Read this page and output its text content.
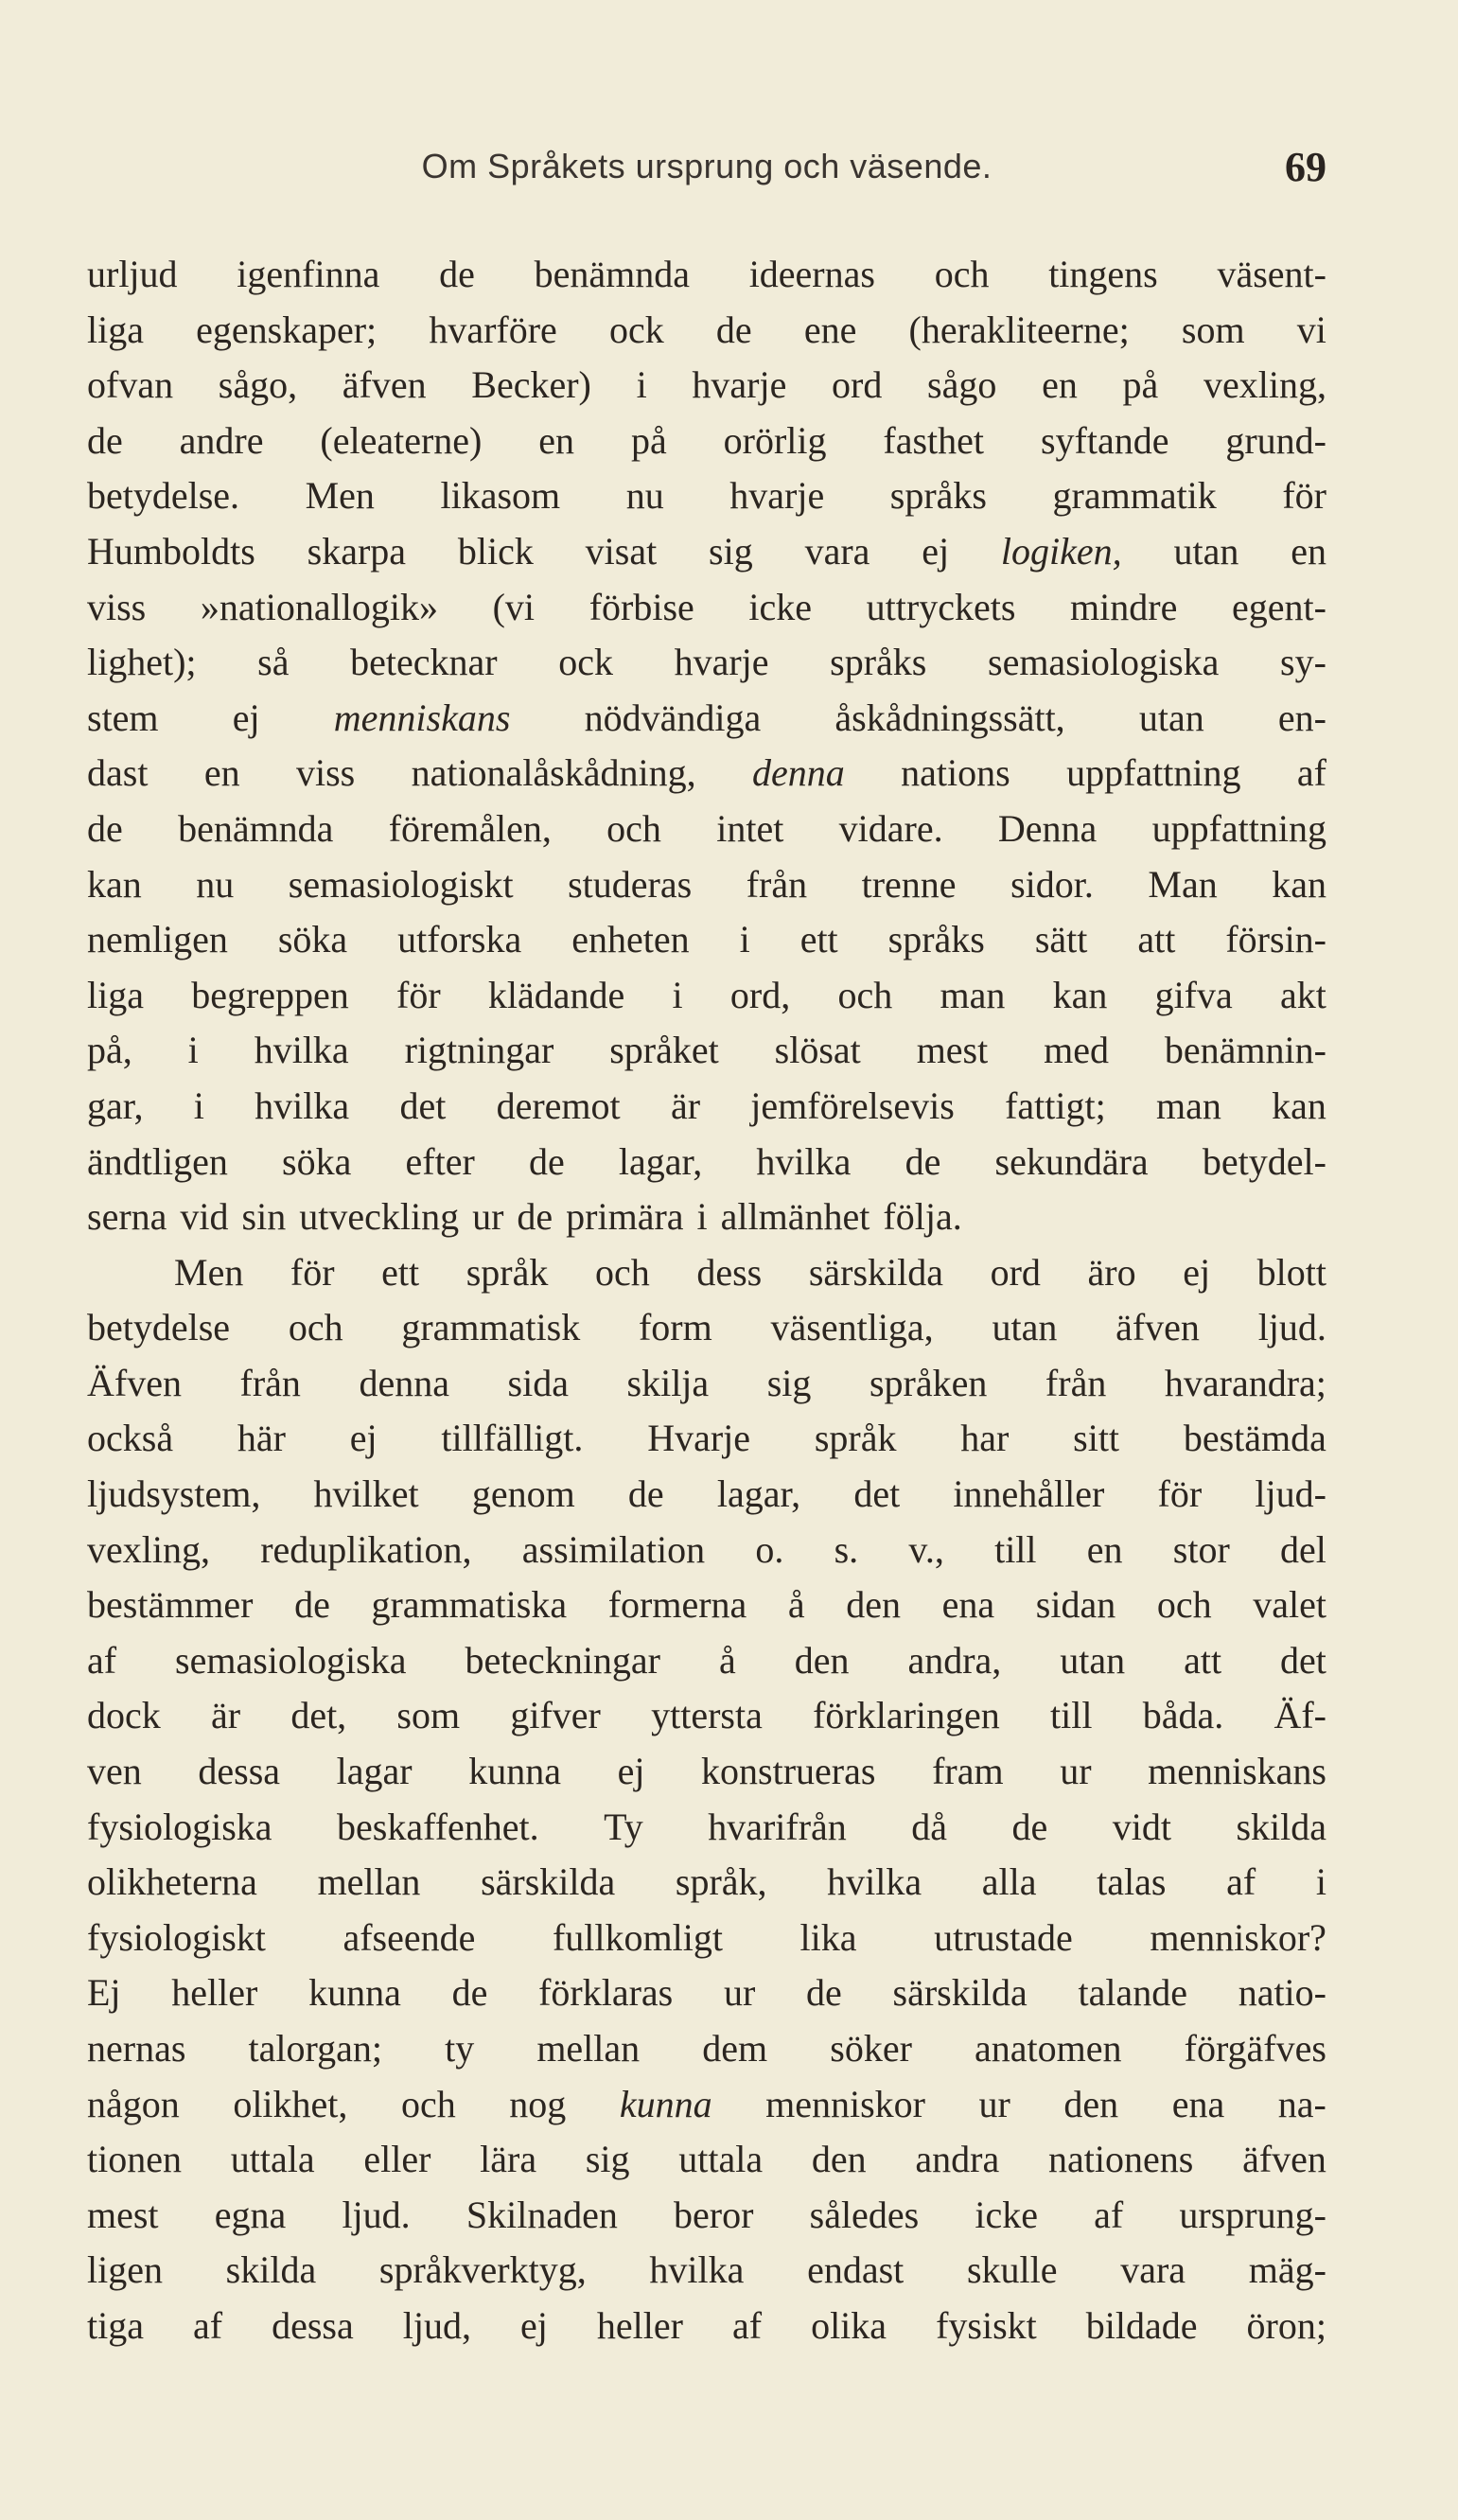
Om Språkets ursprung och väsende.	69
urljud igenfinna de benämnda ideernas och tingens väsent-
liga egenskaper; hvarföre ock de ene (herakliteerne; som vi
ofvan sågo, äfven Becker) i hvarje ord sågo en på vexling,
de andre (eleaterne) en på orörlig fasthet syftande grund-
betydelse. Men likasom nu hvarje språks grammatik för
Humboldts skarpa blick visat sig vara ej logiken, utan en
viss »nationallogik» (vi förbise icke uttryckets mindre egent-
lighet); så betecknar ock hvarje språks semasiologiska sy-
stem ej menniskans nödvändiga åskådningssätt, utan en-
dast en viss nationalåskådning, denna nations uppfattning af
de benämnda föremålen, och intet vidare. Denna uppfattning
kan nu semasiologiskt studeras från trenne sidor. Man kan
nemligen söka utforska enheten i ett språks sätt att försin-
liga begreppen för klädande i ord, och man kan gifva akt
på, i hvilka rigtningar språket slösat mest med benämnin-
gar, i hvilka det deremot är jemförelsevis fattigt; man kan
ändtligen söka efter de lagar, hvilka de sekundära betydel-
serna vid sin utveckling ur de primära i allmänhet följa.
Men för ett språk och dess särskilda ord äro ej blott
betydelse och grammatisk form väsentliga, utan äfven ljud.
Äfven från denna sida skilja sig språken från hvarandra;
också här ej tillfälligt. Hvarje språk har sitt bestämda
ljudsystem, hvilket genom de lagar, det innehåller för ljud-
vexling, reduplikation, assimilation o. s. v., till en stor del
bestämmer de grammatiska formerna å den ena sidan och valet
af semasiologiska beteckningar å den andra, utan att det
dock är det, som gifver yttersta förklaringen till båda. Äf-
ven dessa lagar kunna ej konstrueras fram ur menniskans
fysiologiska beskaffenhet. Ty hvarifrån då de vidt skilda
olikheterna mellan särskilda språk, hvilka alla talas af i
fysiologiskt afseende fullkomligt lika utrustade menniskor?
Ej heller kunna de förklaras ur de särskilda talande natio-
nernas talorgan; ty mellan dem söker anatomen förgäfves
någon olikhet, och nog kunna menniskor ur den ena na-
tionen uttala eller lära sig uttala den andra nationens äfven
mest egna ljud. Skilnaden beror således icke af ursprung-
ligen skilda språkverktyg, hvilka endast skulle vara mäg-
tiga af dessa ljud, ej heller af olika fysiskt bildade öron;
